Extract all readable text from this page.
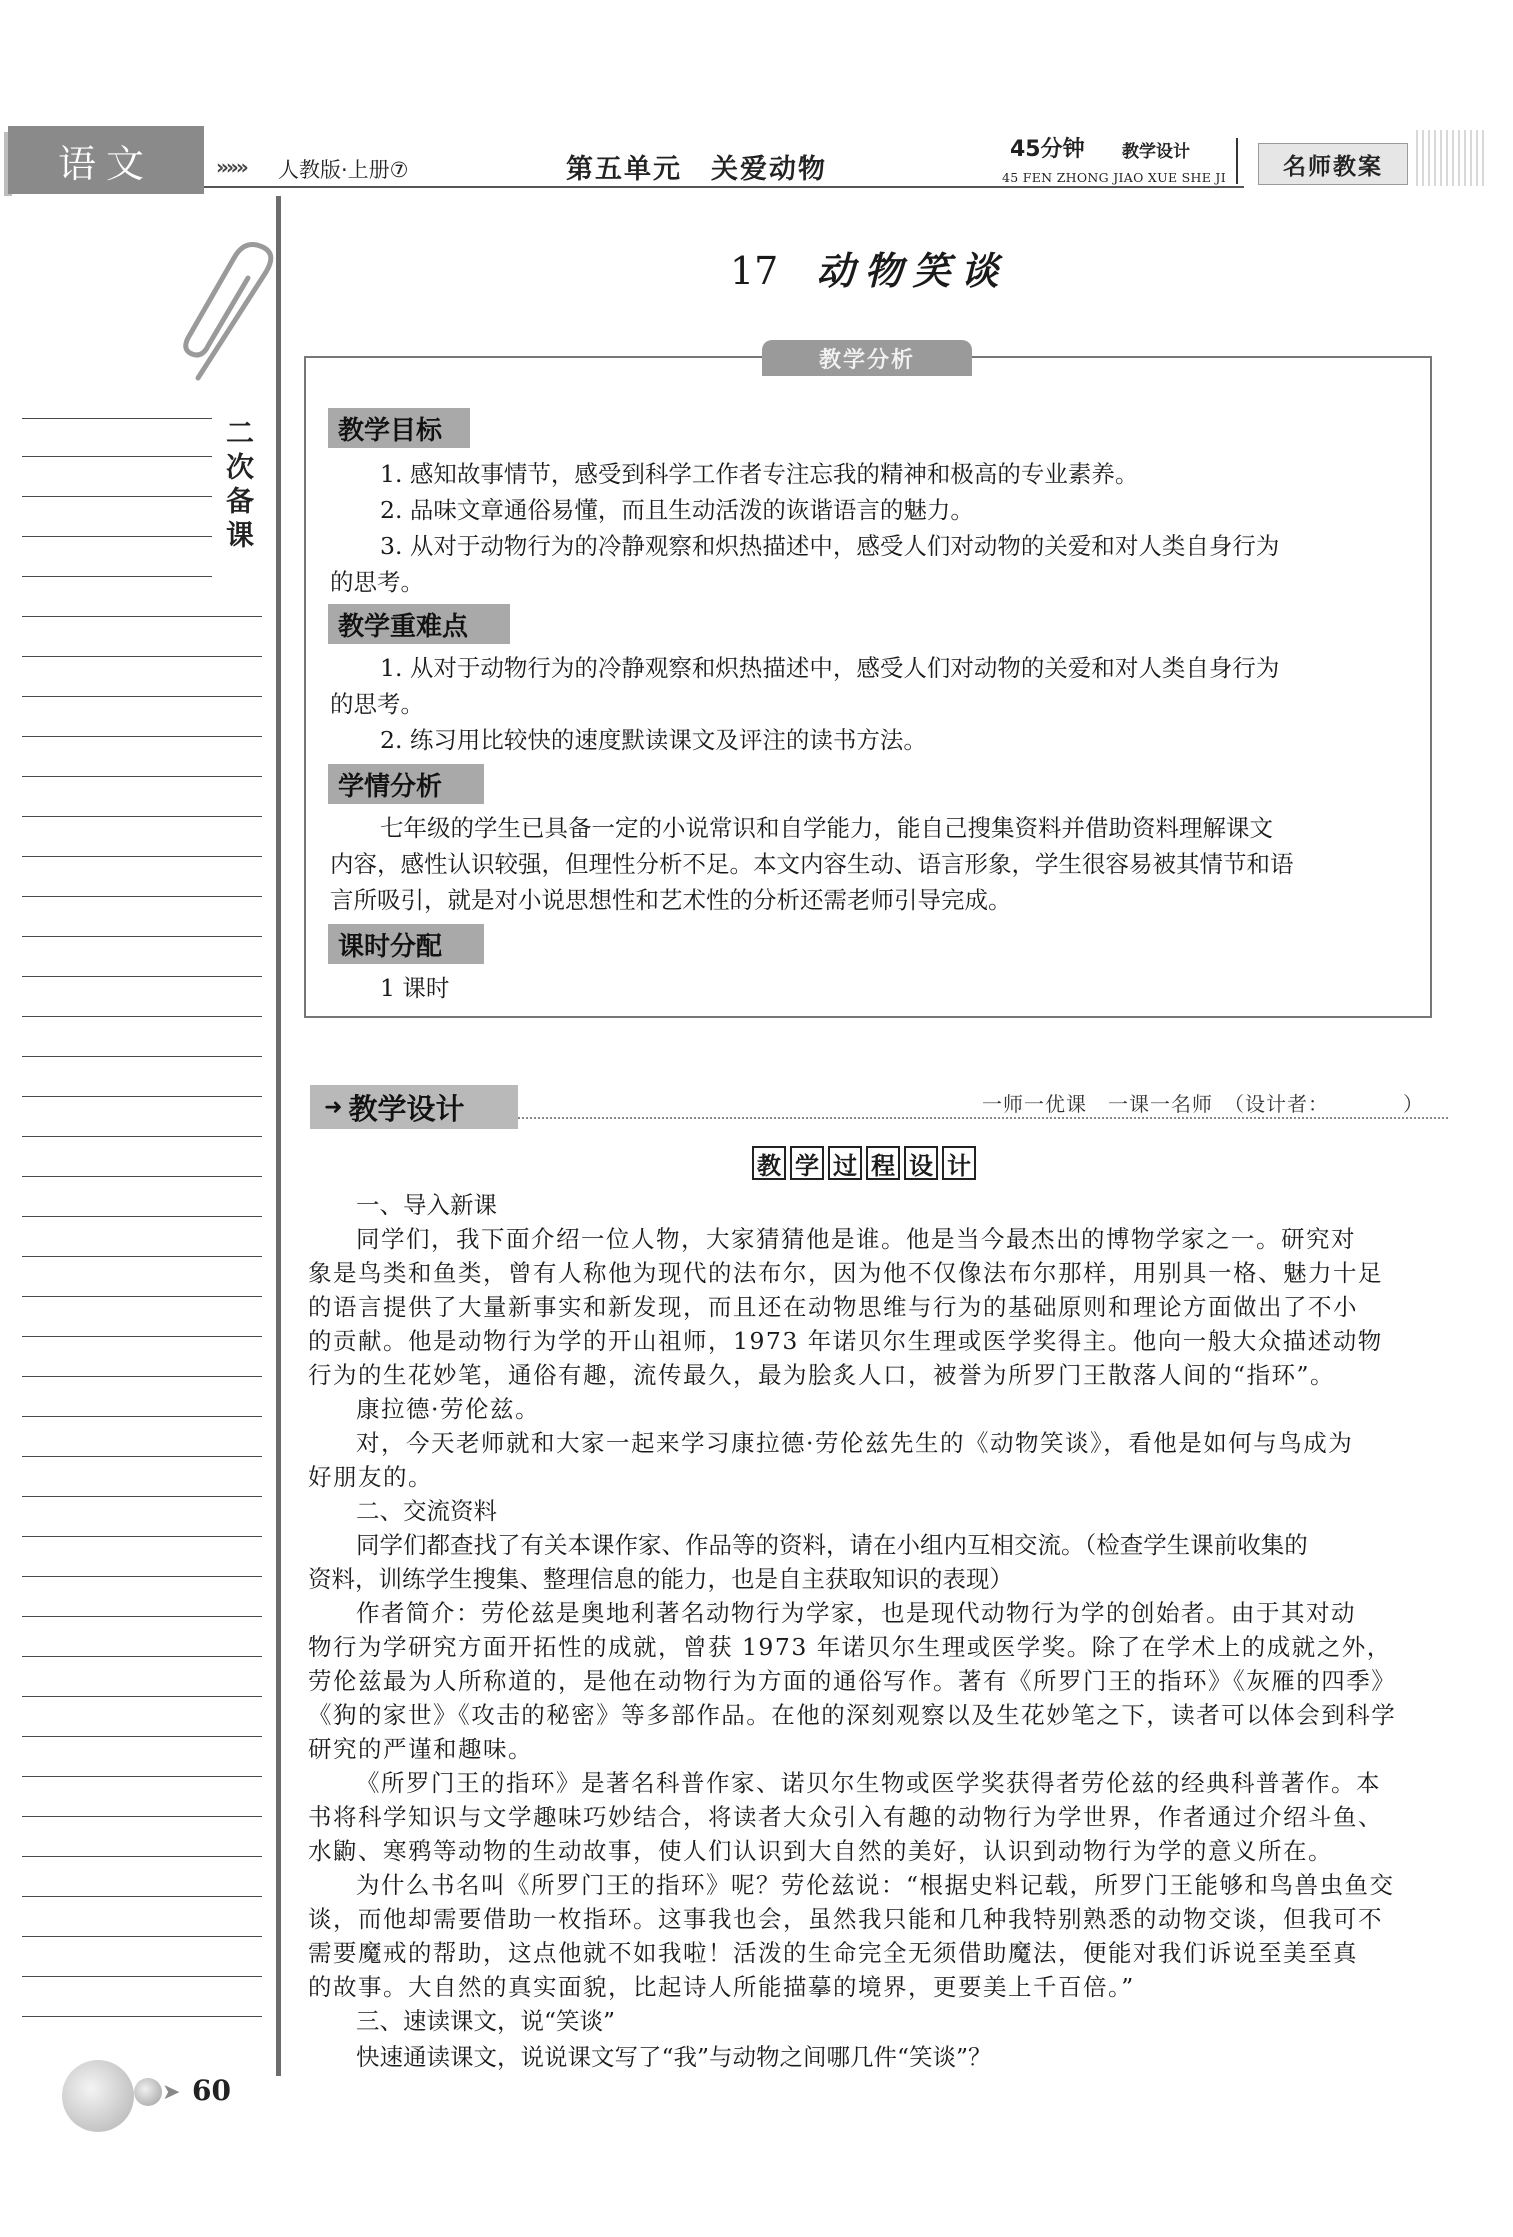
语文	»»» 人教版·上册⑦	第五单元　关爱动物
45分钟 教学设计
45 FEN ZHONG JIAO XUE SHE JI	名师教案
二次备课
17 动物笑谈
教学分析
教学目标
1. 感知故事情节，感受到科学工作者专注忘我的精神和极高的专业素养。
2. 品味文章通俗易懂，而且生动活泼的诙谐语言的魅力。
3. 从对于动物行为的冷静观察和炽热描述中，感受人们对动物的关爱和对人类自身行为
的思考。
教学重难点
1. 从对于动物行为的冷静观察和炽热描述中，感受人们对动物的关爱和对人类自身行为
的思考。
2. 练习用比较快的速度默读课文及评注的读书方法。
学情分析
七年级的学生已具备一定的小说常识和自学能力，能自己搜集资料并借助资料理解课文
内容，感性认识较强，但理性分析不足。本文内容生动、语言形象，学生很容易被其情节和语
言所吸引，就是对小说思想性和艺术性的分析还需老师引导完成。
课时分配
1 课时
➜ 教学设计	一师一优课　一课一名师　（设计者：　　　　）
教 学 过 程 设 计
一、导入新课
同学们，我下面介绍一位人物，大家猜猜他是谁。他是当今最杰出的博物学家之一。研究对
象是鸟类和鱼类，曾有人称他为现代的法布尔，因为他不仅像法布尔那样，用别具一格、魅力十足
的语言提供了大量新事实和新发现，而且还在动物思维与行为的基础原则和理论方面做出了不小
的贡献。他是动物行为学的开山祖师，1973 年诺贝尔生理或医学奖得主。他向一般大众描述动物
行为的生花妙笔，通俗有趣，流传最久，最为脍炙人口，被誉为所罗门王散落人间的“指环”。
康拉德·劳伦兹。
对，今天老师就和大家一起来学习康拉德·劳伦兹先生的《动物笑谈》，看他是如何与鸟成为
好朋友的。
二、交流资料
同学们都查找了有关本课作家、作品等的资料，请在小组内互相交流。（检查学生课前收集的
资料，训练学生搜集、整理信息的能力，也是自主获取知识的表现）
作者简介：劳伦兹是奥地利著名动物行为学家，也是现代动物行为学的创始者。由于其对动
物行为学研究方面开拓性的成就，曾获 1973 年诺贝尔生理或医学奖。除了在学术上的成就之外，
劳伦兹最为人所称道的，是他在动物行为方面的通俗写作。著有《所罗门王的指环》《灰雁的四季》
《狗的家世》《攻击的秘密》等多部作品。在他的深刻观察以及生花妙笔之下，读者可以体会到科学
研究的严谨和趣味。
《所罗门王的指环》是著名科普作家、诺贝尔生物或医学奖获得者劳伦兹的经典科普著作。本
书将科学知识与文学趣味巧妙结合，将读者大众引入有趣的动物行为学世界，作者通过介绍斗鱼、
水鼩、寒鸦等动物的生动故事，使人们认识到大自然的美好，认识到动物行为学的意义所在。
为什么书名叫《所罗门王的指环》呢？劳伦兹说：“根据史料记载，所罗门王能够和鸟兽虫鱼交
谈，而他却需要借助一枚指环。这事我也会，虽然我只能和几种我特别熟悉的动物交谈，但我可不
需要魔戒的帮助，这点他就不如我啦！活泼的生命完全无须借助魔法，便能对我们诉说至美至真
的故事。大自然的真实面貌，比起诗人所能描摹的境界，更要美上千百倍。”
三、速读课文，说“笑谈”
快速通读课文，说说课文写了“我”与动物之间哪几件“笑谈”？
➤ 60
